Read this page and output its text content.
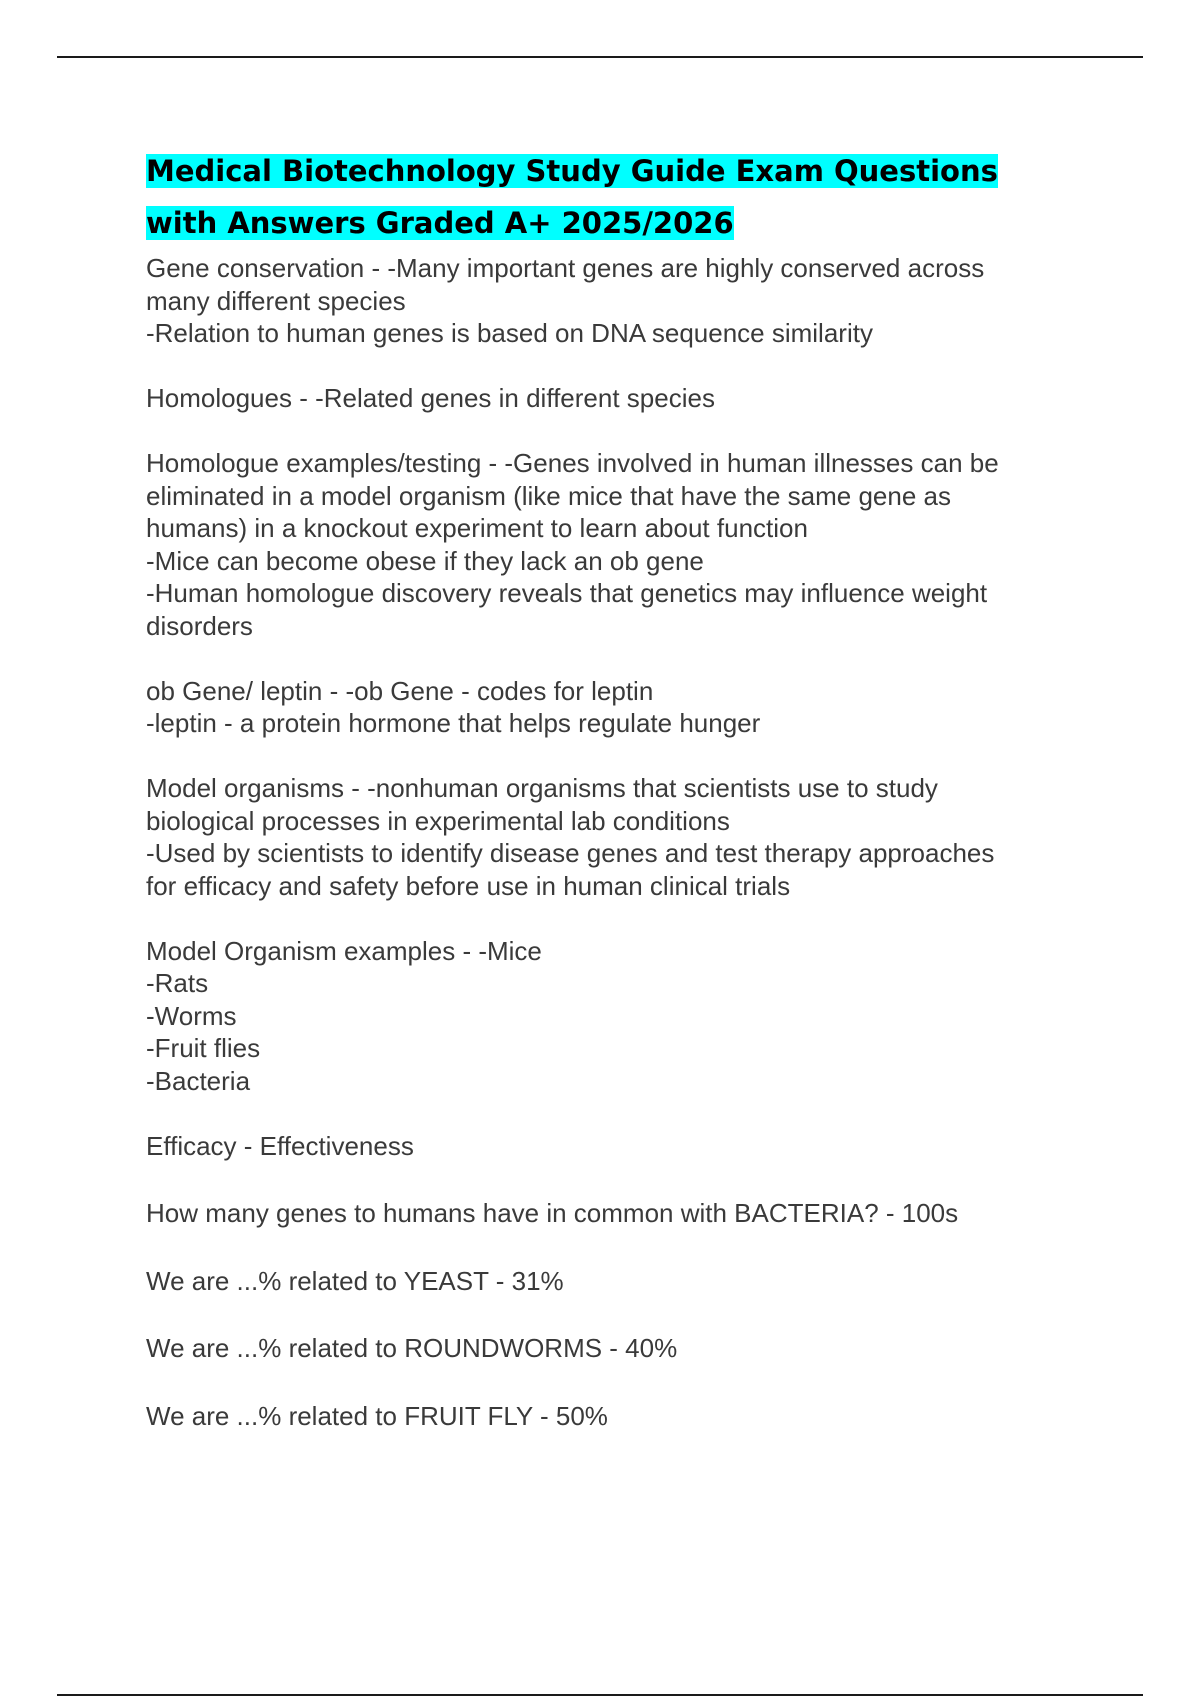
Medical Biotechnology Study Guide Exam Questions
with Answers Graded A+ 2025/2026
Gene conservation - -Many important genes are highly conserved across
many different species
-Relation to human genes is based on DNA sequence similarity
Homologues - -Related genes in different species
Homologue examples/testing - -Genes involved in human illnesses can be
eliminated in a model organism (like mice that have the same gene as
humans) in a knockout experiment to learn about function
-Mice can become obese if they lack an ob gene
-Human homologue discovery reveals that genetics may influence weight
disorders
ob Gene/ leptin - -ob Gene - codes for leptin
-leptin - a protein hormone that helps regulate hunger
Model organisms - -nonhuman organisms that scientists use to study
biological processes in experimental lab conditions
-Used by scientists to identify disease genes and test therapy approaches
for efficacy and safety before use in human clinical trials
Model Organism examples - -Mice
-Rats
-Worms
-Fruit flies
-Bacteria
Efficacy - Effectiveness
How many genes to humans have in common with BACTERIA? - 100s
We are ...% related to YEAST - 31%
We are ...% related to ROUNDWORMS - 40%
We are ...% related to FRUIT FLY - 50%
